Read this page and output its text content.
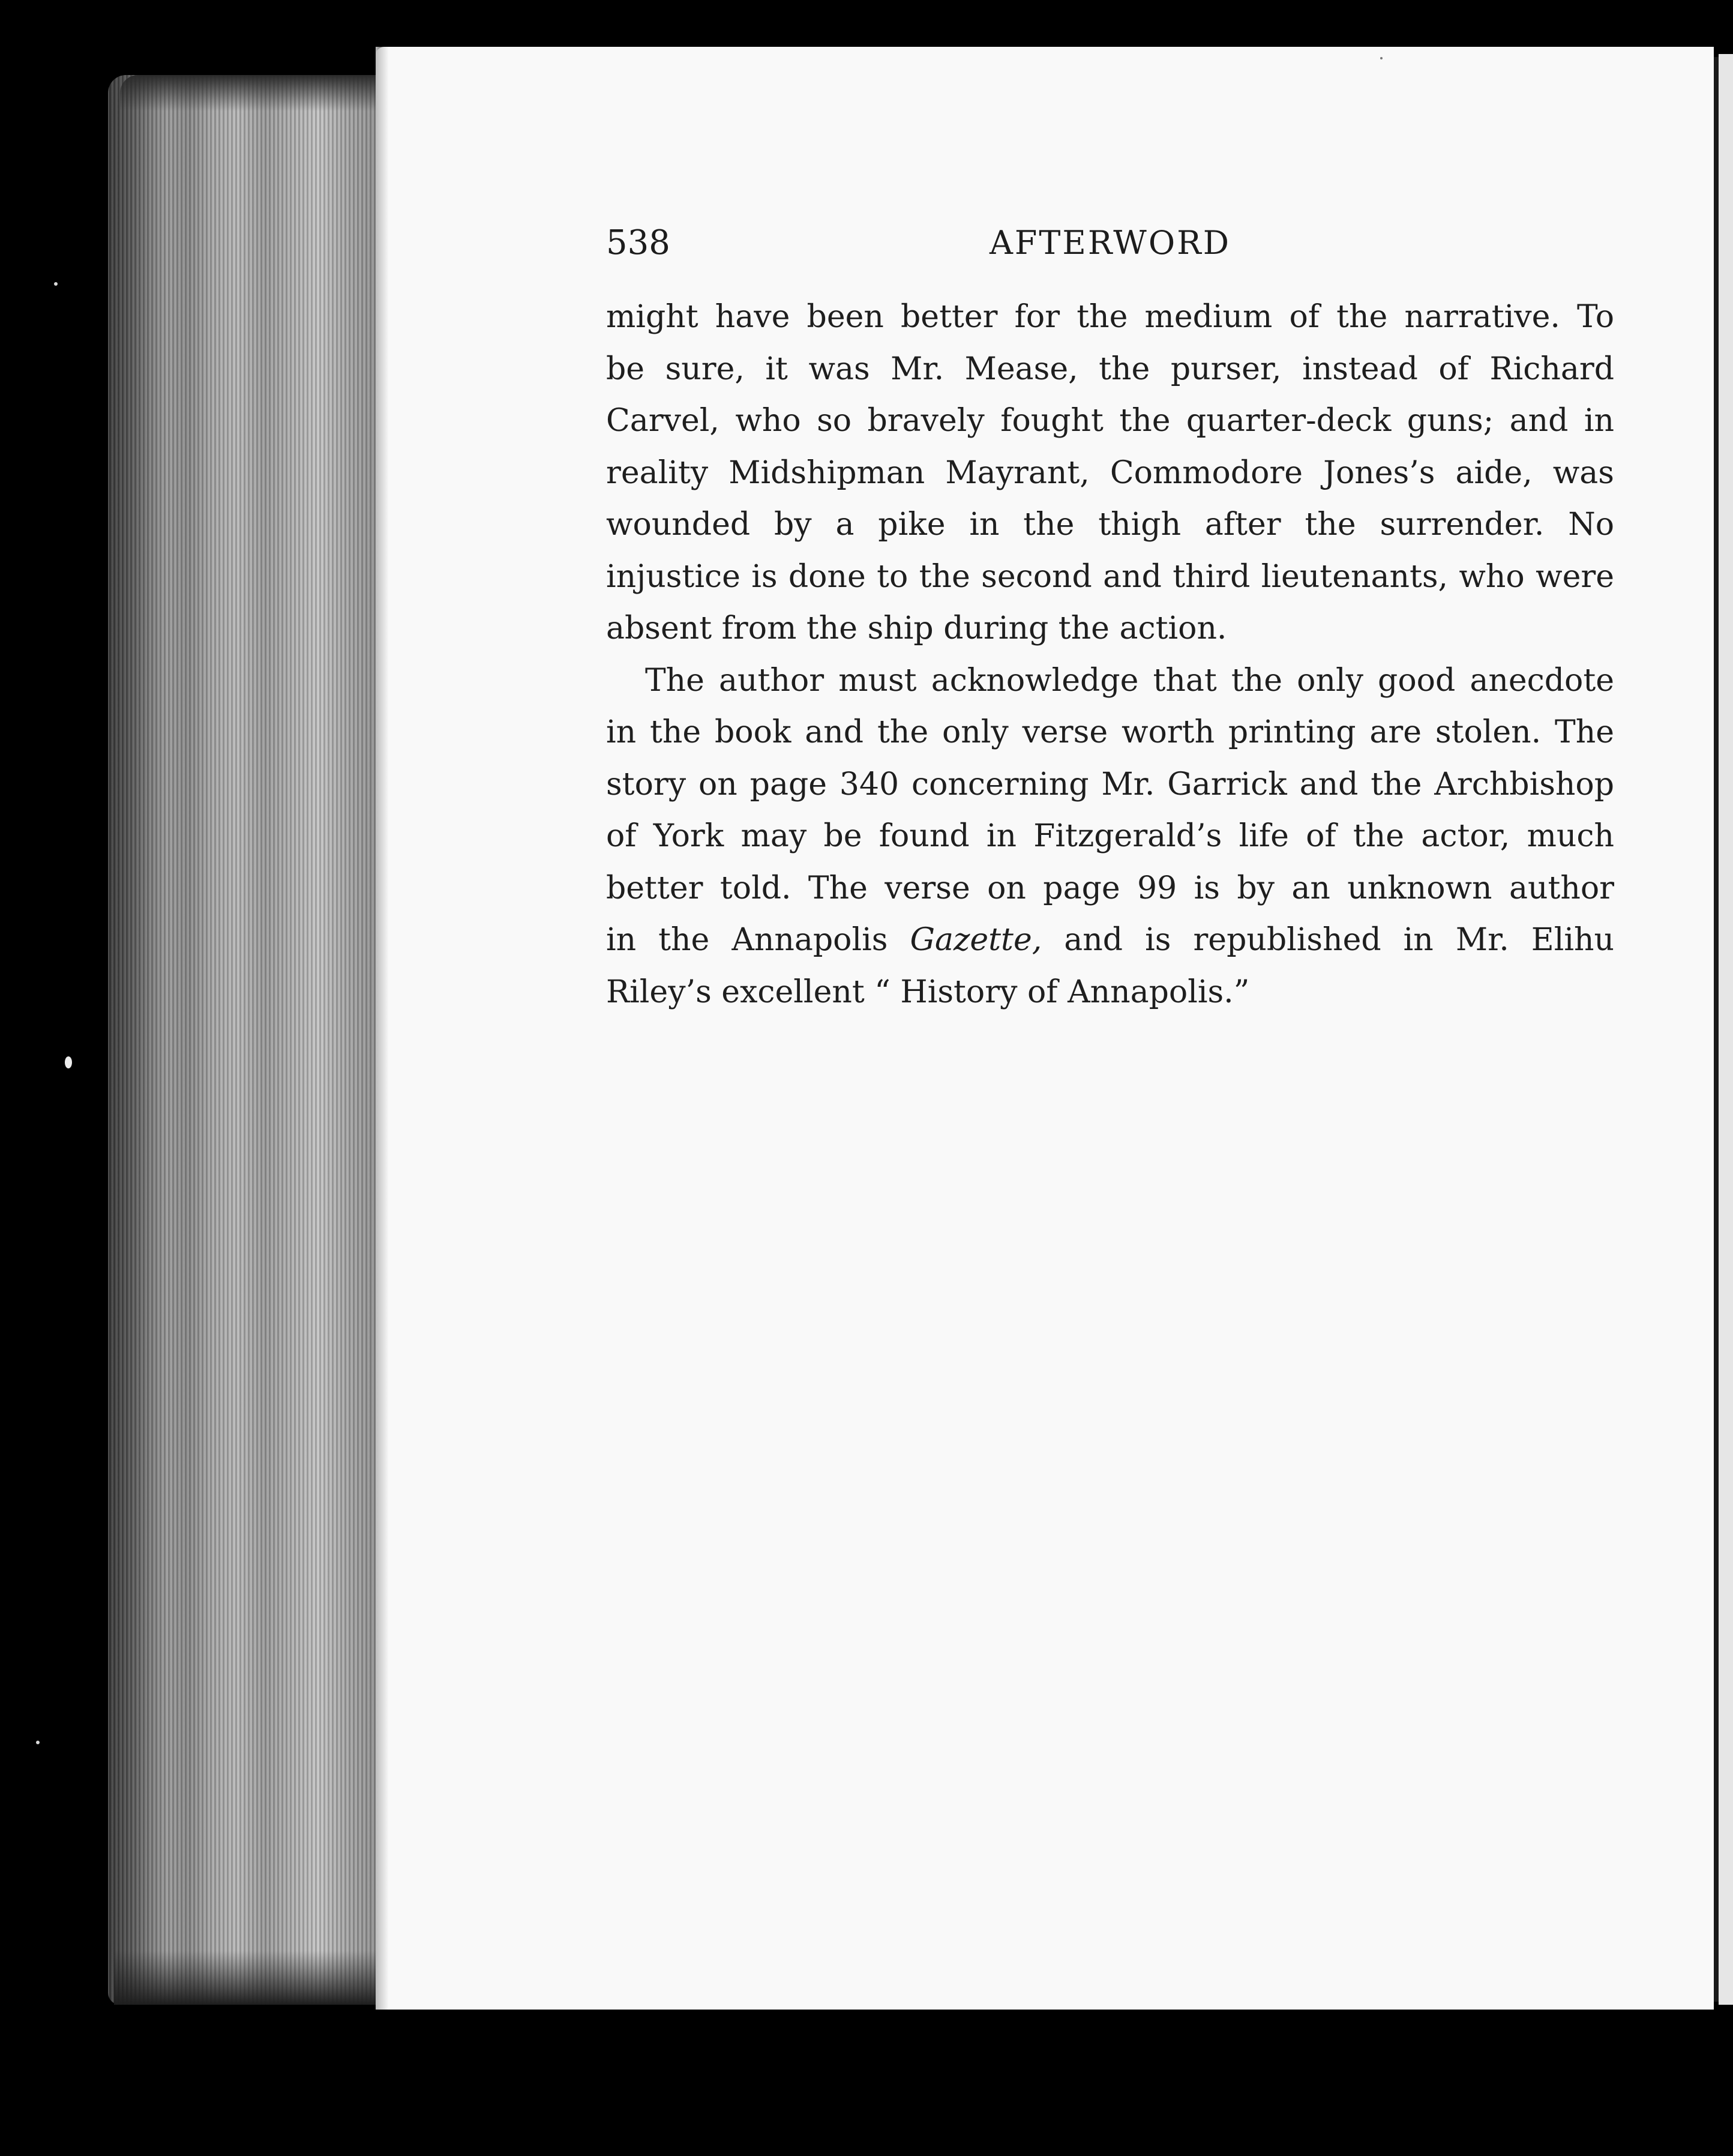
538	AFTERWORD
might have been better for the medium of the narrative. To
be sure, it was Mr. Mease, the purser, instead of Richard
Carvel, who so bravely fought the quarter-deck guns; and in
reality Midshipman Mayrant, Commodore Jones’s aide, was
wounded by a pike in the thigh after the surrender. No
injustice is done to the second and third lieutenants, who were
absent from the ship during the action.
The author must acknowledge that the only good anecdote
in the book and the only verse worth printing are stolen. The
story on page 340 concerning Mr. Garrick and the Archbishop
of York may be found in Fitzgerald’s life of the actor, much
better told. The verse on page 99 is by an unknown author
in the Annapolis Gazette, and is republished in Mr. Elihu
Riley’s excellent “ History of Annapolis.”
